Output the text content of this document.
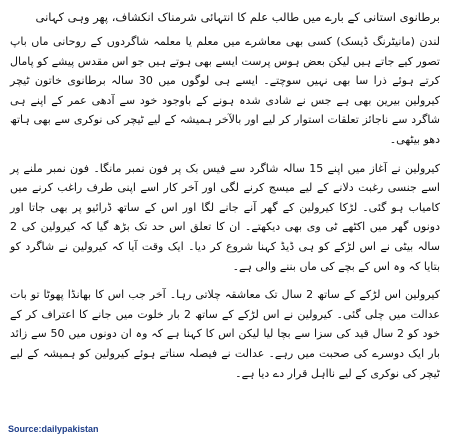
برطانوی استانی کے بارے میں طالب علم کا انتہائی شرمناک انکشاف، پھر وہی کہانی

لندن (مانیٹرنگ ڈیسک) کسی بھی معاشرے میں معلم یا معلمہ شاگردوں کے روحانی ماں باپ تصور کیے جاتے ہیں لیکن بعض ہوس پرست ایسے بھی ہوتے ہیں جو اس مقدس پیشے کو پامال کرتے ہوئے ذرا سا بھی نہیں سوچتے۔ ایسے ہی لوگوں میں 30 سالہ برطانوی خاتون ٹیچر کیرولین بیرین بھی ہے جس نے شادی شدہ ہونے کے باوجود خود سے آدھی عمر کے اپنے ہی شاگرد سے ناجائز تعلقات استوار کر لیے اور بالآخر ہمیشہ کے لیے ٹیچر کی نوکری سے بھی ہاتھ دھو بیٹھی۔

کیرولین نے آغاز میں اپنے 15 سالہ شاگرد سے فیس بک پر فون نمبر مانگا۔ فون نمبر ملنے پر اسے جنسی رغبت دلانے کے لیے میسج کرنے لگی اور آخر کار اسے اپنی طرف راغب کرنے میں کامیاب ہو گئی۔ لڑکا کیرولین کے گھر آنے جانے لگا اور اس کے ساتھ ڈرائیو پر بھی جاتا اور دونوں گھر میں اکٹھے ٹی وی بھی دیکھتے۔ ان کا تعلق اس حد تک بڑھ گیا کہ کیرولین کی 2 سالہ بیٹی نے اس لڑکے کو ہی ڈیڈ کہنا شروع کر دیا۔ ایک وقت آیا کہ کیرولین نے شاگرد کو بتایا کہ وہ اس کے بچے کی ماں بننے والی ہے۔

کیرولین اس لڑکے کے ساتھ 2 سال تک معاشقہ چلاتی رہا۔ آخر جب اس کا بھانڈا پھوٹا تو بات عدالت میں چلی گئی۔ کیرولین نے اس لڑکے کے ساتھ 2 بار خلوت میں جانے کا اعتراف کر کے خود کو 2 سال قید کی سزا سے بچا لیا لیکن اس کا کہنا ہے کہ وہ ان دونوں میں 50 سے زائد بار ایک دوسرے کی صحبت میں رہے۔ عدالت نے فیصلہ سناتے ہوئے کیرولین کو ہمیشہ کے لیے ٹیچر کی نوکری کے لیے نااہل قرار دے دیا ہے۔

Source:dailypakistan
